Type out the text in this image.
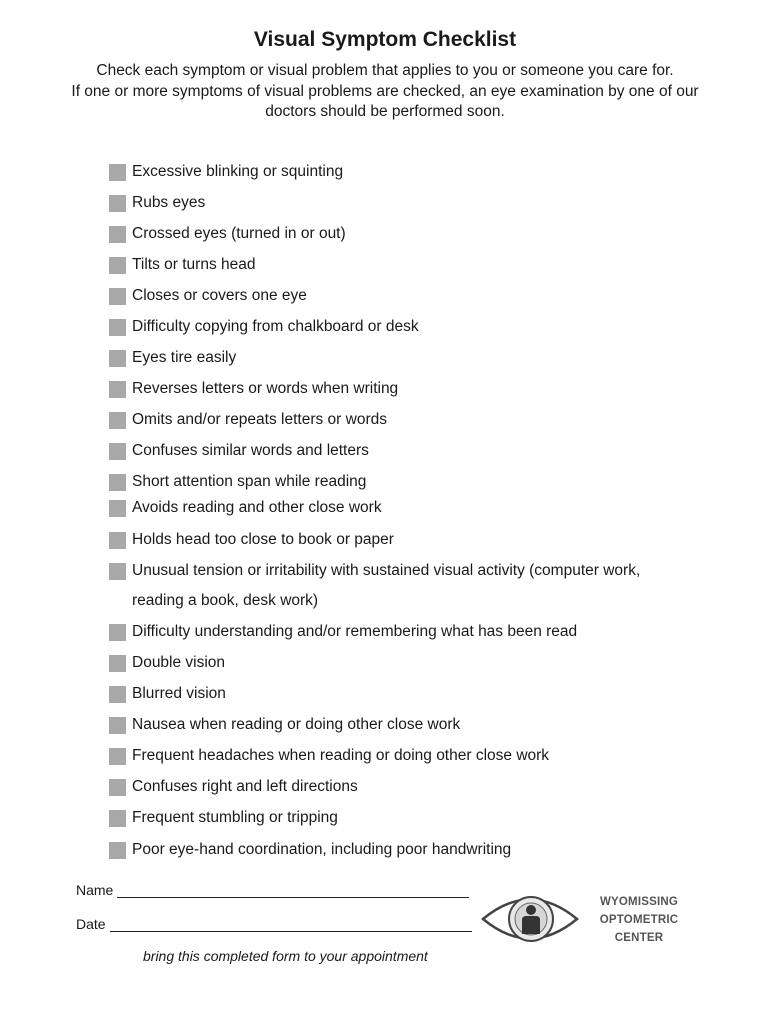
Visual Symptom Checklist
Check each symptom or visual problem that applies to you or someone you care for.
If one or more symptoms of visual problems are checked, an eye examination by one of our
doctors should be performed soon.
Excessive blinking or squinting
Rubs eyes
Crossed eyes (turned in or out)
Tilts or turns head
Closes or covers one eye
Difficulty copying from chalkboard or desk
Eyes tire easily
Reverses letters or words when writing
Omits and/or repeats letters or words
Confuses similar words and letters
Short attention span while reading
Avoids reading and other close work
Holds head too close to book or paper
Unusual tension or irritability with sustained visual activity (computer work,
reading a book, desk work)
Difficulty understanding and/or remembering what has been read
Double vision
Blurred vision
Nausea when reading or doing other close work
Frequent headaches when reading or doing other close work
Confuses right and left directions
Frequent stumbling or tripping
Poor eye-hand coordination, including poor handwriting
Name
Date
bring this completed form to your appointment
WYOMISSING
OPTOMETRIC
CENTER
